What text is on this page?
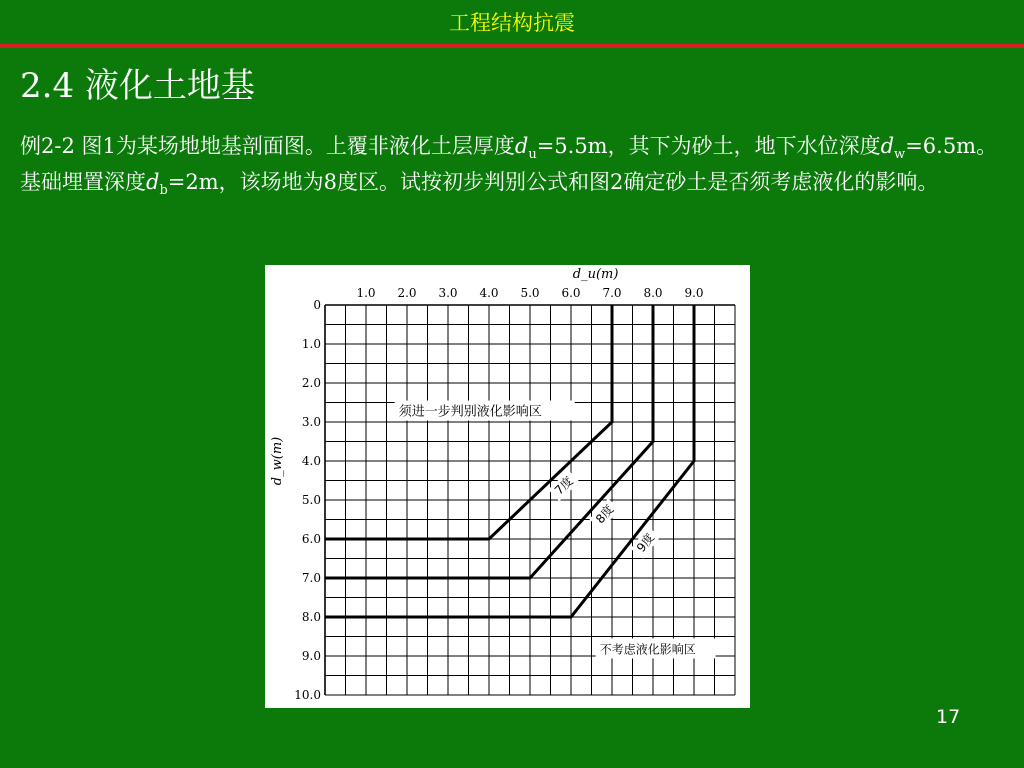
工程结构抗震
2.4 液化土地基
例2-2 图1为某场地地基剖面图。上覆非液化土层厚度$d_u=5.5m$，其下为砂土，地下水位深度$d_w=6.5m$。基础埋置深度$d_b=2m$，该场地为8度区。试按初步判别公式和图2确定砂土是否须考虑液化的影响。
1.0 2.0 3.0 4.0 5.0 6.0 7.0 8.0 9.0
0
1.0
2.0
3.0
4.0
5.0
6.0
7.0
8.0
9.0
10.0
d_u(m)
d_w(m)
7度
8度
9度
须进一步判别液化影响区
不考虑液化影响区
17
